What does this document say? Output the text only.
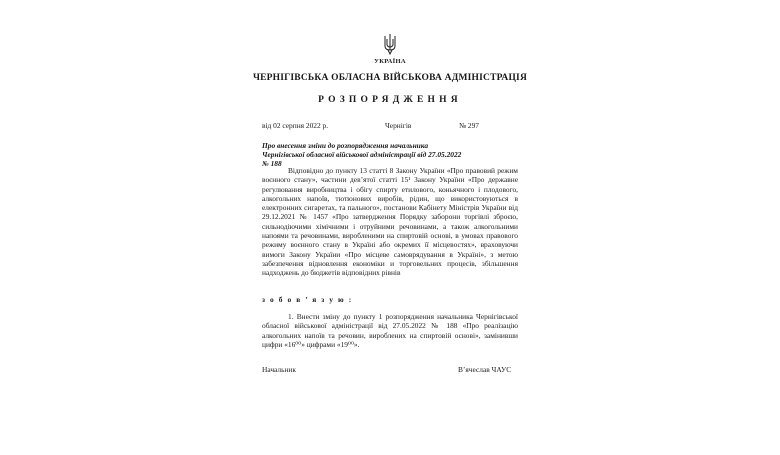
УКРАЇНА
ЧЕРНІГІВСЬКА ОБЛАСНА ВІЙСЬКОВА АДМІНІСТРАЦІЯ
РОЗПОРЯДЖЕННЯ
від 02 серпня 2022 р.	Чернігів	№ 297
Про внесення зміни до розпорядження начальника Чернігівської обласної військової адміністрації від 27.05.2022 № 188
Відповідно до пункту 13 статті 8 Закону України «Про правовий режим воєнного стану», частини дев’ятої статті 15¹ Закону України «Про державне регулювання виробництва і обігу спирту етилового, коньячного і плодового, алкогольних напоїв, тютюнових виробів, рідин, що використовуються в електронних сигаретах, та пального», постанови Кабінету Міністрів України від 29.12.2021 № 1457 «Про затвердження Порядку заборони торгівлі зброєю, сильнодіючими хімічними і отруйними речовинами, а також алкогольними напоями та речовинами, виробленими на спиртовій основі, в умовах правового режиму воєнного стану в Україні або окремих її місцевостях», враховуючи вимоги Закону України «Про місцеве самоврядування в Україні», з метою забезпечення відновлення економіки и торговельних процесів, збільшення надходжень до бюджетів відповідних рівнів
з о б о в ’ я з у ю :
1. Внести зміну до пункту 1 розпорядження начальника Чернігівської обласної військової адміністрації від 27.05.2022 № 188 «Про реалізацію алкогольних напоїв та речовин, вироблених на спиртовій основі», замінивши цифри «16⁰⁰» цифрами «19⁰⁰».
Начальник	В’ячеслав ЧАУС
